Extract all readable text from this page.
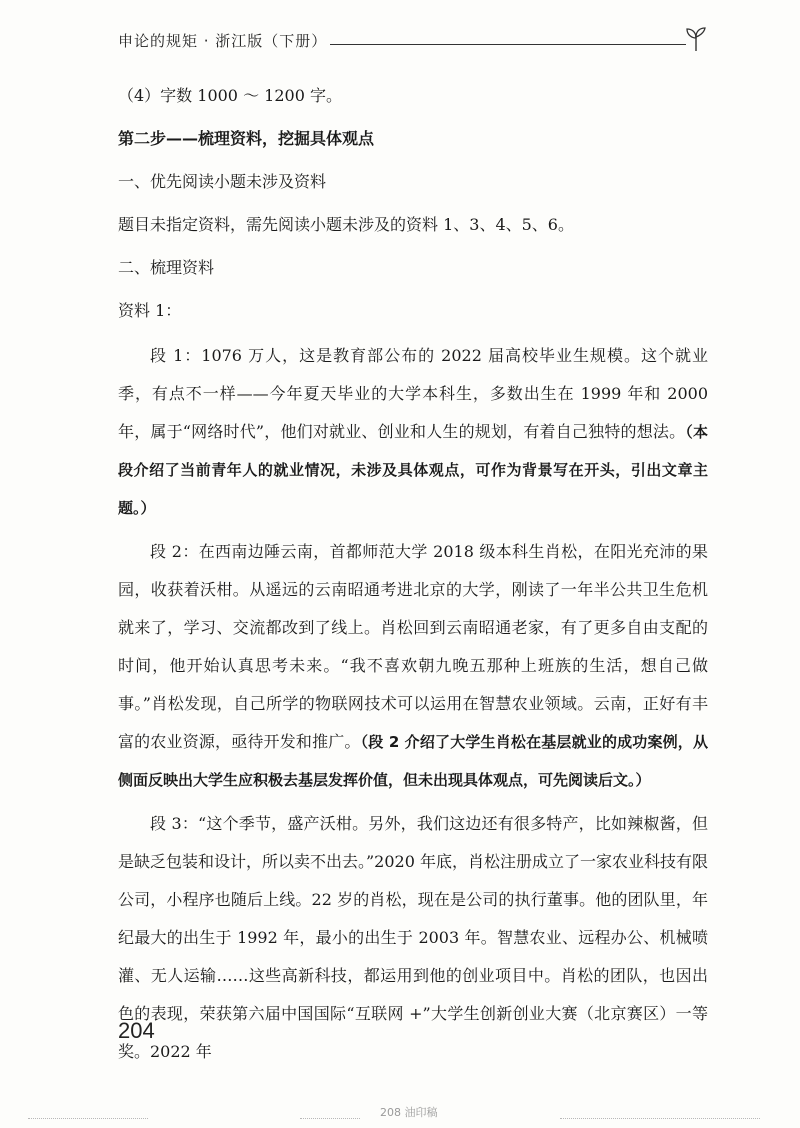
申论的规矩 · 浙江版（下册）

（4）字数 1000 ～ 1200 字。

第二步——梳理资料，挖掘具体观点

一、优先阅读小题未涉及资料

题目未指定资料，需先阅读小题未涉及的资料 1、3、4、5、6。

二、梳理资料

资料 1：

段 1：1076 万人，这是教育部公布的 2022 届高校毕业生规模。这个就业季，有点不一样——今年夏天毕业的大学本科生，多数出生在 1999 年和 2000 年，属于“网络时代”，他们对就业、创业和人生的规划，有着自己独特的想法。（本段介绍了当前青年人的就业情况，未涉及具体观点，可作为背景写在开头，引出文章主题。）

段 2：在西南边陲云南，首都师范大学 2018 级本科生肖松，在阳光充沛的果园，收获着沃柑。从遥远的云南昭通考进北京的大学，刚读了一年半公共卫生危机就来了，学习、交流都改到了线上。肖松回到云南昭通老家，有了更多自由支配的时间，他开始认真思考未来。“我不喜欢朝九晚五那种上班族的生活，想自己做事。”肖松发现，自己所学的物联网技术可以运用在智慧农业领域。云南，正好有丰富的农业资源，亟待开发和推广。（段 2 介绍了大学生肖松在基层就业的成功案例，从侧面反映出大学生应积极去基层发挥价值，但未出现具体观点，可先阅读后文。）

段 3：“这个季节，盛产沃柑。另外，我们这边还有很多特产，比如辣椒酱，但是缺乏包装和设计，所以卖不出去。”2020 年底，肖松注册成立了一家农业科技有限公司，小程序也随后上线。22 岁的肖松，现在是公司的执行董事。他的团队里，年纪最大的出生于 1992 年，最小的出生于 2003 年。智慧农业、远程办公、机械喷灌、无人运输……这些高新科技，都运用到他的创业项目中。肖松的团队，也因出色的表现，荣获第六届中国国际“互联网 +”大学生创新创业大赛（北京赛区）一等奖。2022 年

204
208 油印稿
